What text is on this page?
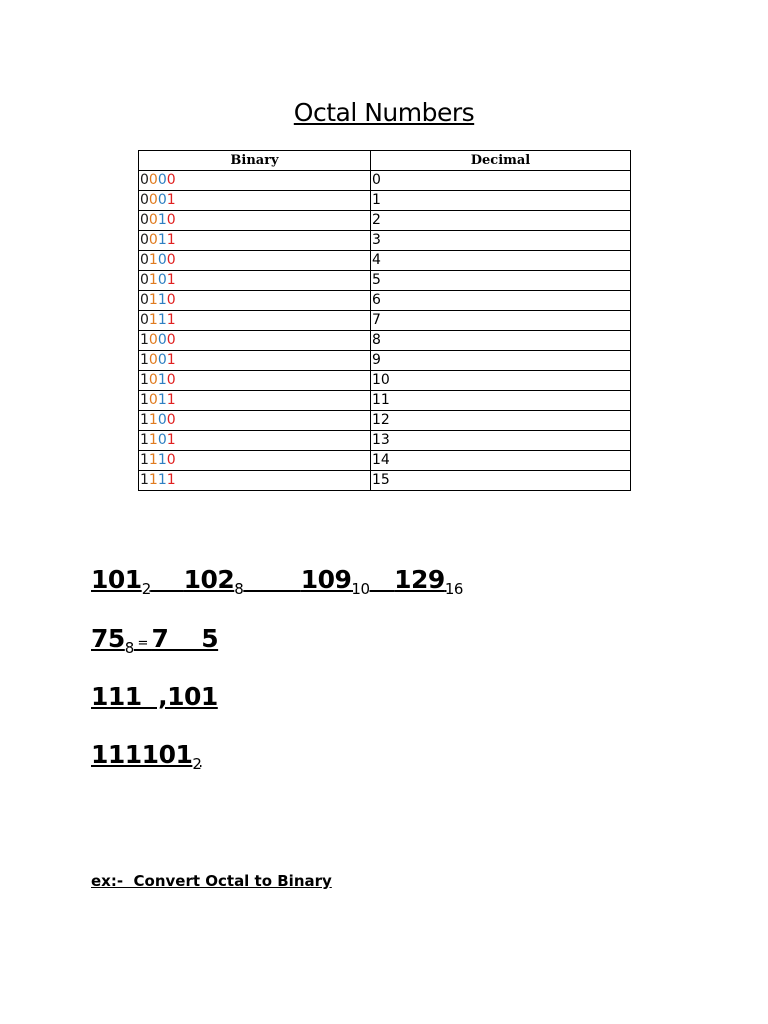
Octal Numbers
Binary	Decimal
0000	0
0001	1
0010	2
0011	3
0100	4
0101	5
0110	6
0111	7
1000	8
1001	9
1010	10
1011	11
1100	12
1101	13
1110	14
1111	15
$101_2$ $102_8$ $109_{10}$ $129_{16}$
$75_8 = 7$    5
111  ,101
$111101_2$
ex:-  Convert Octal to Binary
